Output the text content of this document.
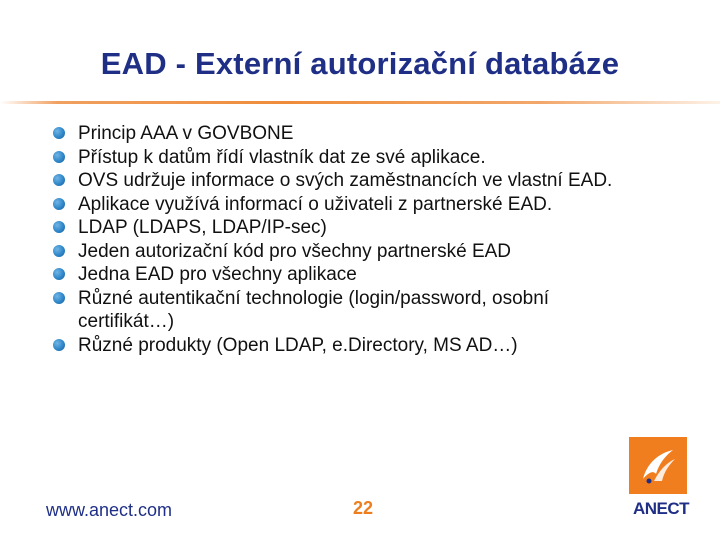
EAD - Externí autorizační databáze
Princip AAA v GOVBONE
Přístup k datům řídí vlastník dat ze své aplikace.
OVS udržuje informace o svých zaměstnancích ve vlastní EAD.
Aplikace využívá informací o uživateli z partnerské EAD.
LDAP (LDAPS, LDAP/IP-sec)
Jeden autorizační kód pro všechny partnerské EAD
Jedna EAD pro všechny aplikace
Různé autentikační technologie (login/password, osobní certifikát…)
Různé produkty (Open LDAP, e.Directory, MS AD…)
www.anect.com	22	ANECT
